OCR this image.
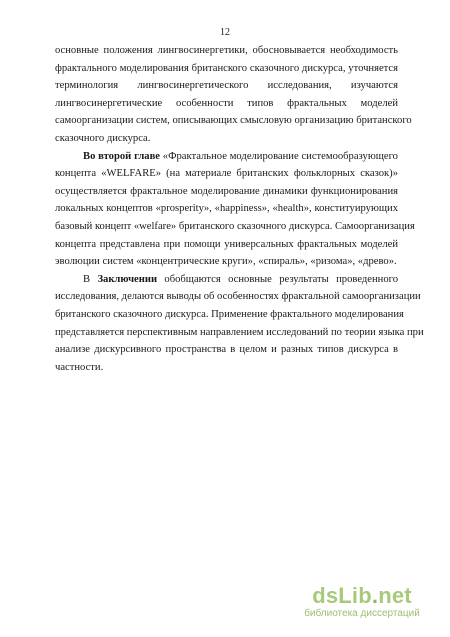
12

основные положения лингвосинергетики, обосновывается необходимость
фрактального моделирования британского сказочного дискурса, уточняется
терминология лингвосинергетического исследования, изучаются
лингвосинергетические особенности типов фрактальных моделей
самоорганизации систем, описывающих смысловую организацию британского
сказочного дискурса.

Во второй главе «Фрактальное моделирование системообразующего
концепта «WELFARE» (на материале британских фольклорных сказок)»
осуществляется фрактальное моделирование динамики функционирования
локальных концептов «prosperity», «happiness», «health», конституирующих
базовый концепт «welfare» британского сказочного дискурса. Самоорганизация
концепта представлена при помощи универсальных фрактальных моделей
эволюции систем «концентрические круги», «спираль», «ризома», «древо».

В Заключении обобщаются основные результаты проведенного
исследования, делаются выводы об особенностях фрактальной самоорганизации
британского сказочного дискурса. Применение фрактального моделирования
представляется перспективным направлением исследований по теории языка при
анализе дискурсивного пространства в целом и разных типов дискурса в
частности.

dsLib.net
библиотека диссертаций
